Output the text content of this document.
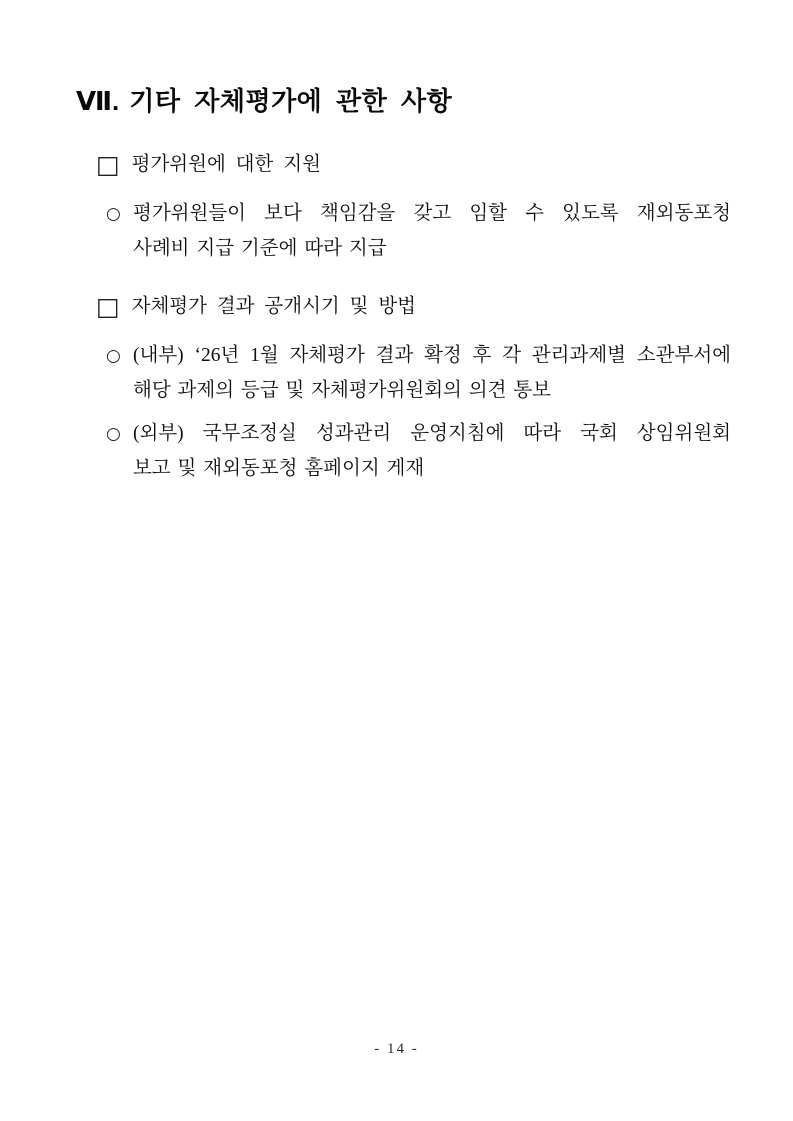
Ⅶ. 기타 자체평가에 관한 사항
□ 평가위원에 대한 지원
○ 평가위원들이 보다 책임감을 갖고 임할 수 있도록 재외동포청
사례비 지급 기준에 따라 지급
□ 자체평가 결과 공개시기 및 방법
○ (내부) ‘26년 1월 자체평가 결과 확정 후 각 관리과제별 소관부서에
해당 과제의 등급 및 자체평가위원회의 의견 통보
○ (외부) 국무조정실 성과관리 운영지침에 따라 국회 상임위원회
보고 및 재외동포청 홈페이지 게재
- 14 -
